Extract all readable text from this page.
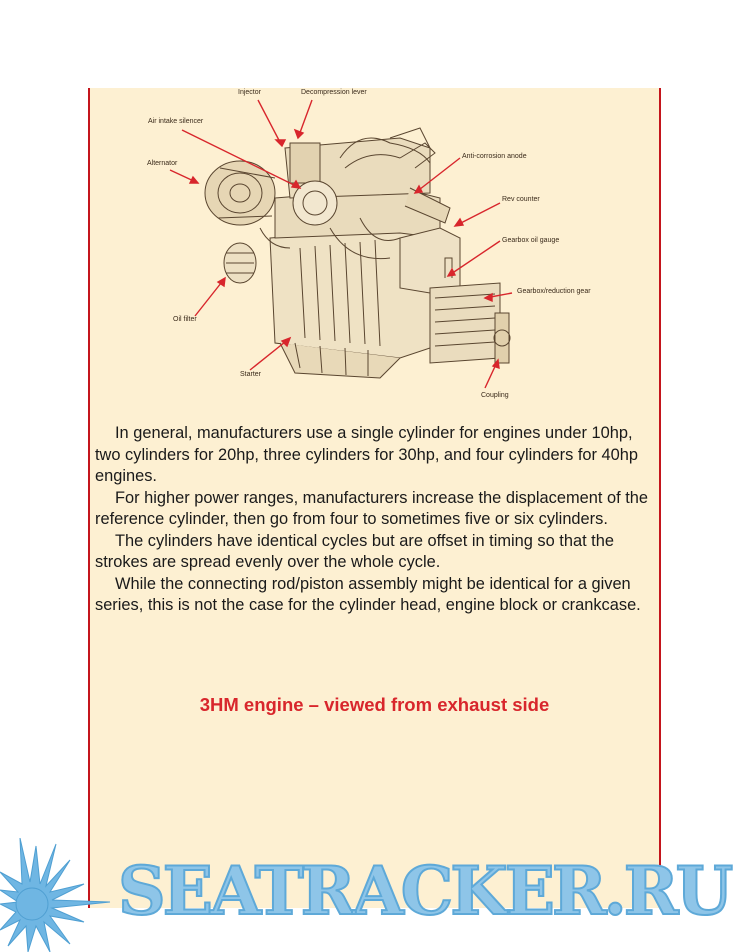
Injector	Decompression lever
Air intake silencer
Anti-corrosion anode
Alternator
Rev counter
Gearbox oil gauge
Gearbox/reduction gear
Oil filter
Starter
Coupling

In general, manufacturers use a single cylinder for engines under 10hp, two cylinders for 20hp, three cylinders for 30hp, and four cylinders for 40hp engines.

For higher power ranges, manufacturers increase the displacement of the reference cylinder, then go from four to sometimes five or six cylinders.

The cylinders have identical cycles but are offset in timing so that the strokes are spread evenly over the whole cycle.

While the connecting rod/piston assembly might be identical for a given series, this is not the case for the cylinder head, engine block or crankcase.

3HM engine – viewed from exhaust side
SEATRACKER.RU
